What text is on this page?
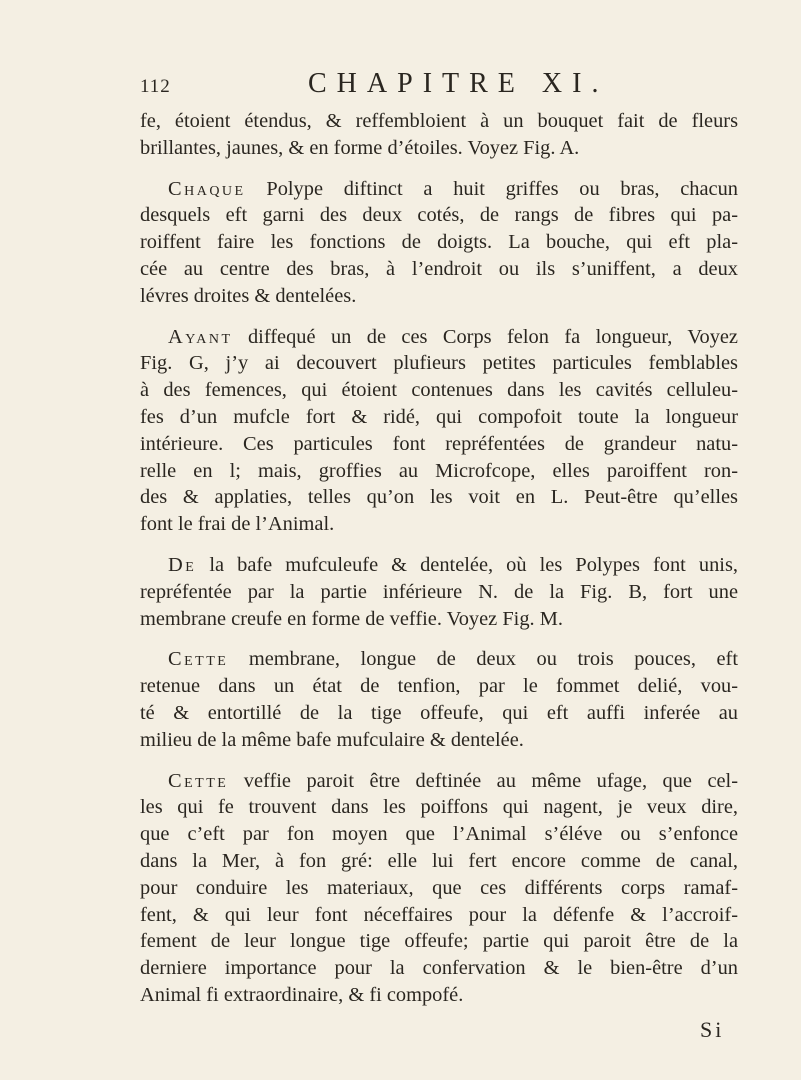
112	CHAPITRE XI.

fe, étoient étendus, & reffembloient à un bouquet fait de fleurs
brillantes, jaunes, & en forme d’étoiles. Voyez Fig. A.

Chaque Polype diftinct a huit griffes ou bras, chacun
desquels eft garni des deux cotés, de rangs de fibres qui pa-
roiffent faire les fonctions de doigts. La bouche, qui eft pla-
cée au centre des bras, à l’endroit ou ils s’uniffent, a deux
lévres droites & dentelées.

Ayant diffequé un de ces Corps felon fa longueur, Voyez
Fig. G, j’y ai decouvert plufieurs petites particules femblables
à des femences, qui étoient contenues dans les cavités celluleu-
fes d’un mufcle fort & ridé, qui compofoit toute la longueur
intérieure. Ces particules font repréfentées de grandeur natu-
relle en l; mais, groffies au Microfcope, elles paroiffent ron-
des & applaties, telles qu’on les voit en L. Peut-être qu’elles
font le frai de l’Animal.

De la bafe mufculeufe & dentelée, où les Polypes font unis,
repréfentée par la partie inférieure N. de la Fig. B, fort une
membrane creufe en forme de veffie. Voyez Fig. M.

Cette membrane, longue de deux ou trois pouces, eft
retenue dans un état de tenfion, par le fommet delié, vou-
té & entortillé de la tige offeufe, qui eft auffi inferée au
milieu de la même bafe mufculaire & dentelée.

Cette veffie paroit être deftinée au même ufage, que cel-
les qui fe trouvent dans les poiffons qui nagent, je veux dire,
que c’eft par fon moyen que l’Animal s’éléve ou s’enfonce
dans la Mer, à fon gré: elle lui fert encore comme de canal,
pour conduire les materiaux, que ces différents corps ramaf-
fent, & qui leur font néceffaires pour la défenfe & l’accroif-
fement de leur longue tige offeufe; partie qui paroit être de la
derniere importance pour la confervation & le bien-être d’un
Animal fi extraordinaire, & fi compofé.

Si
